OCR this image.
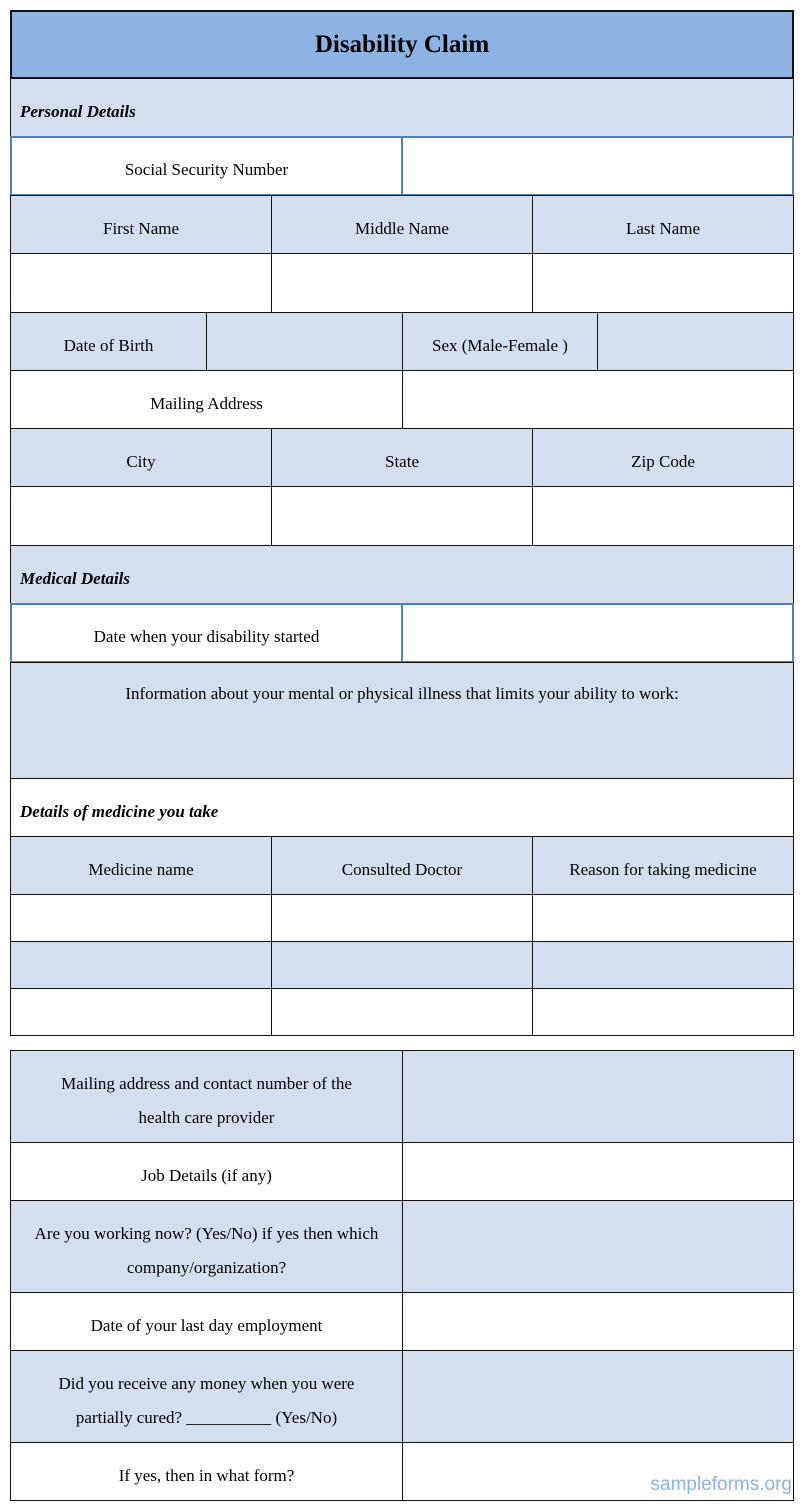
Disability Claim
Personal Details
Social Security Number
First Name	Middle Name	Last Name
Date of Birth	Sex (Male-Female )
Mailing Address
City	State	Zip Code
Medical Details
Date when your disability started
Information about your mental or physical illness that limits your ability to work:
Details of medicine you take
Medicine name	Consulted Doctor	Reason for taking medicine
Mailing address and contact number of the health care provider
Job Details (if any)
Are you working now? (Yes/No) if yes then which company/organization?
Date of your last day employment
Did you receive any money when you were partially cured? __________ (Yes/No)
If yes, then in what form?	sampleforms.org
